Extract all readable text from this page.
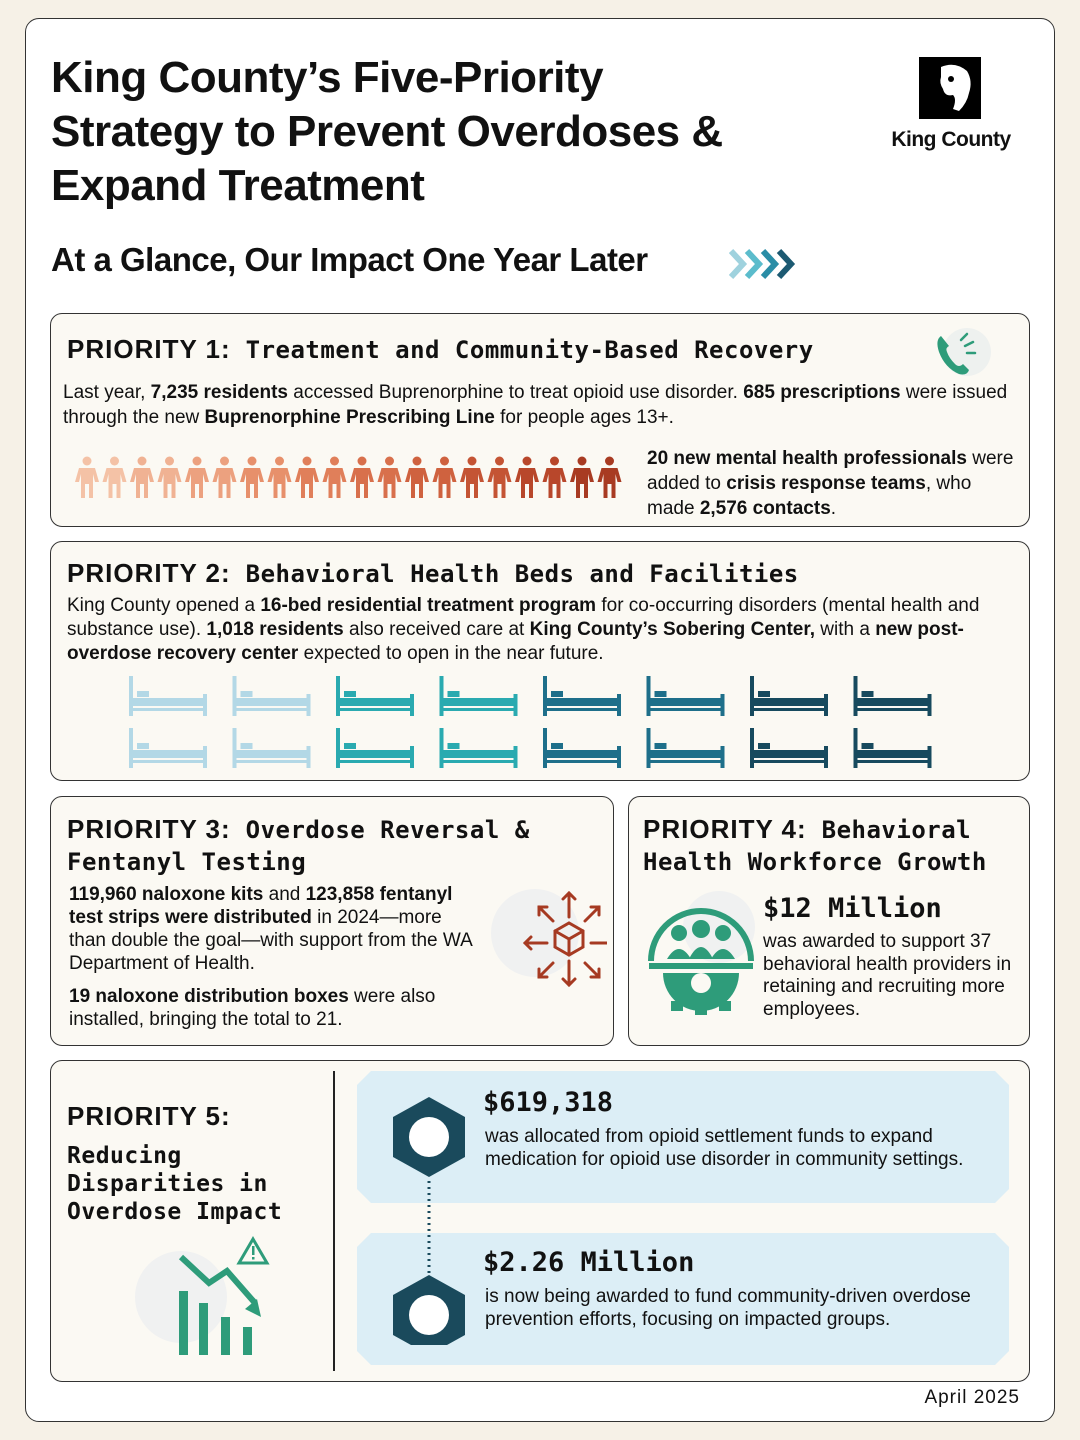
King County’s Five-Priority
Strategy to Prevent Overdoses &
Expand Treatment
King County
At a Glance, Our Impact One Year Later
PRIORITY 1: Treatment and Community-Based Recovery
Last year, 7,235 residents accessed Buprenorphine to treat opioid use disorder. 685 prescriptions were issued through the new Buprenorphine Prescribing Line for people ages 13+.
20 new mental health professionals were added to crisis response teams, who made 2,576 contacts.
PRIORITY 2: Behavioral Health Beds and Facilities
King County opened a 16-bed residential treatment program for co-occurring disorders (mental health and substance use). 1,018 residents also received care at King County’s Sobering Center, with a new post-overdose recovery center expected to open in the near future.
PRIORITY 3: Overdose Reversal &
Fentanyl Testing
119,960 naloxone kits and 123,858 fentanyl test strips were distributed in 2024—more than double the goal—with support from the WA Department of Health.
19 naloxone distribution boxes were also installed, bringing the total to 21.
PRIORITY 4: Behavioral
Health Workforce Growth
$12 Million
was awarded to support 37 behavioral health providers in retaining and recruiting more employees.
PRIORITY 5:
Reducing
Disparities in
Overdose Impact
$619,318
was allocated from opioid settlement funds to expand medication for opioid use disorder in community settings.
$2.26 Million
is now being awarded to fund community-driven overdose prevention efforts, focusing on impacted groups.
April 2025
